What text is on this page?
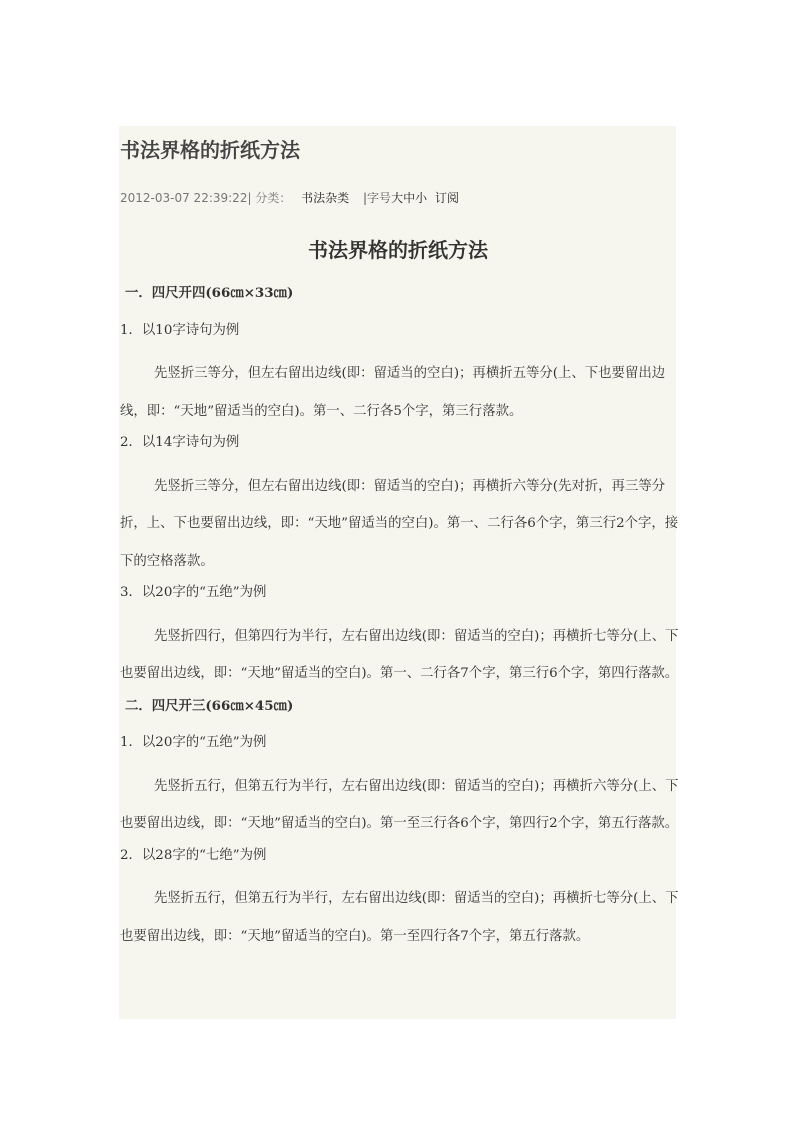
书法界格的折纸方法
2012-03-07 22:39:22| 分类： 书法杂类 |字号大中小 订阅
书法界格的折纸方法

一．四尺开四(66㎝×33㎝)

1．以10字诗句为例

先竖折三等分，但左右留出边线(即：留适当的空白)；再横折五等分(上、下也要留出边线，即：“天地”留适当的空白)。第一、二行各5个字，第三行落款。

2．以14字诗句为例

先竖折三等分，但左右留出边线(即：留适当的空白)；再横折六等分(先对折，再三等分折，上、下也要留出边线，即：“天地”留适当的空白)。第一、二行各6个字，第三行2个字，接下的空格落款。

3．以20字的“五绝”为例

先竖折四行，但第四行为半行，左右留出边线(即：留适当的空白)；再横折七等分(上、下也要留出边线，即：“天地”留适当的空白)。第一、二行各7个字，第三行6个字，第四行落款。

二．四尺开三(66㎝×45㎝)

1．以20字的“五绝”为例

先竖折五行，但第五行为半行，左右留出边线(即：留适当的空白)；再横折六等分(上、下也要留出边线，即：“天地”留适当的空白)。第一至三行各6个字，第四行2个字，第五行落款。

2．以28字的“七绝”为例

先竖折五行，但第五行为半行，左右留出边线(即：留适当的空白)；再横折七等分(上、下也要留出边线，即：“天地”留适当的空白)。第一至四行各7个字，第五行落款。
